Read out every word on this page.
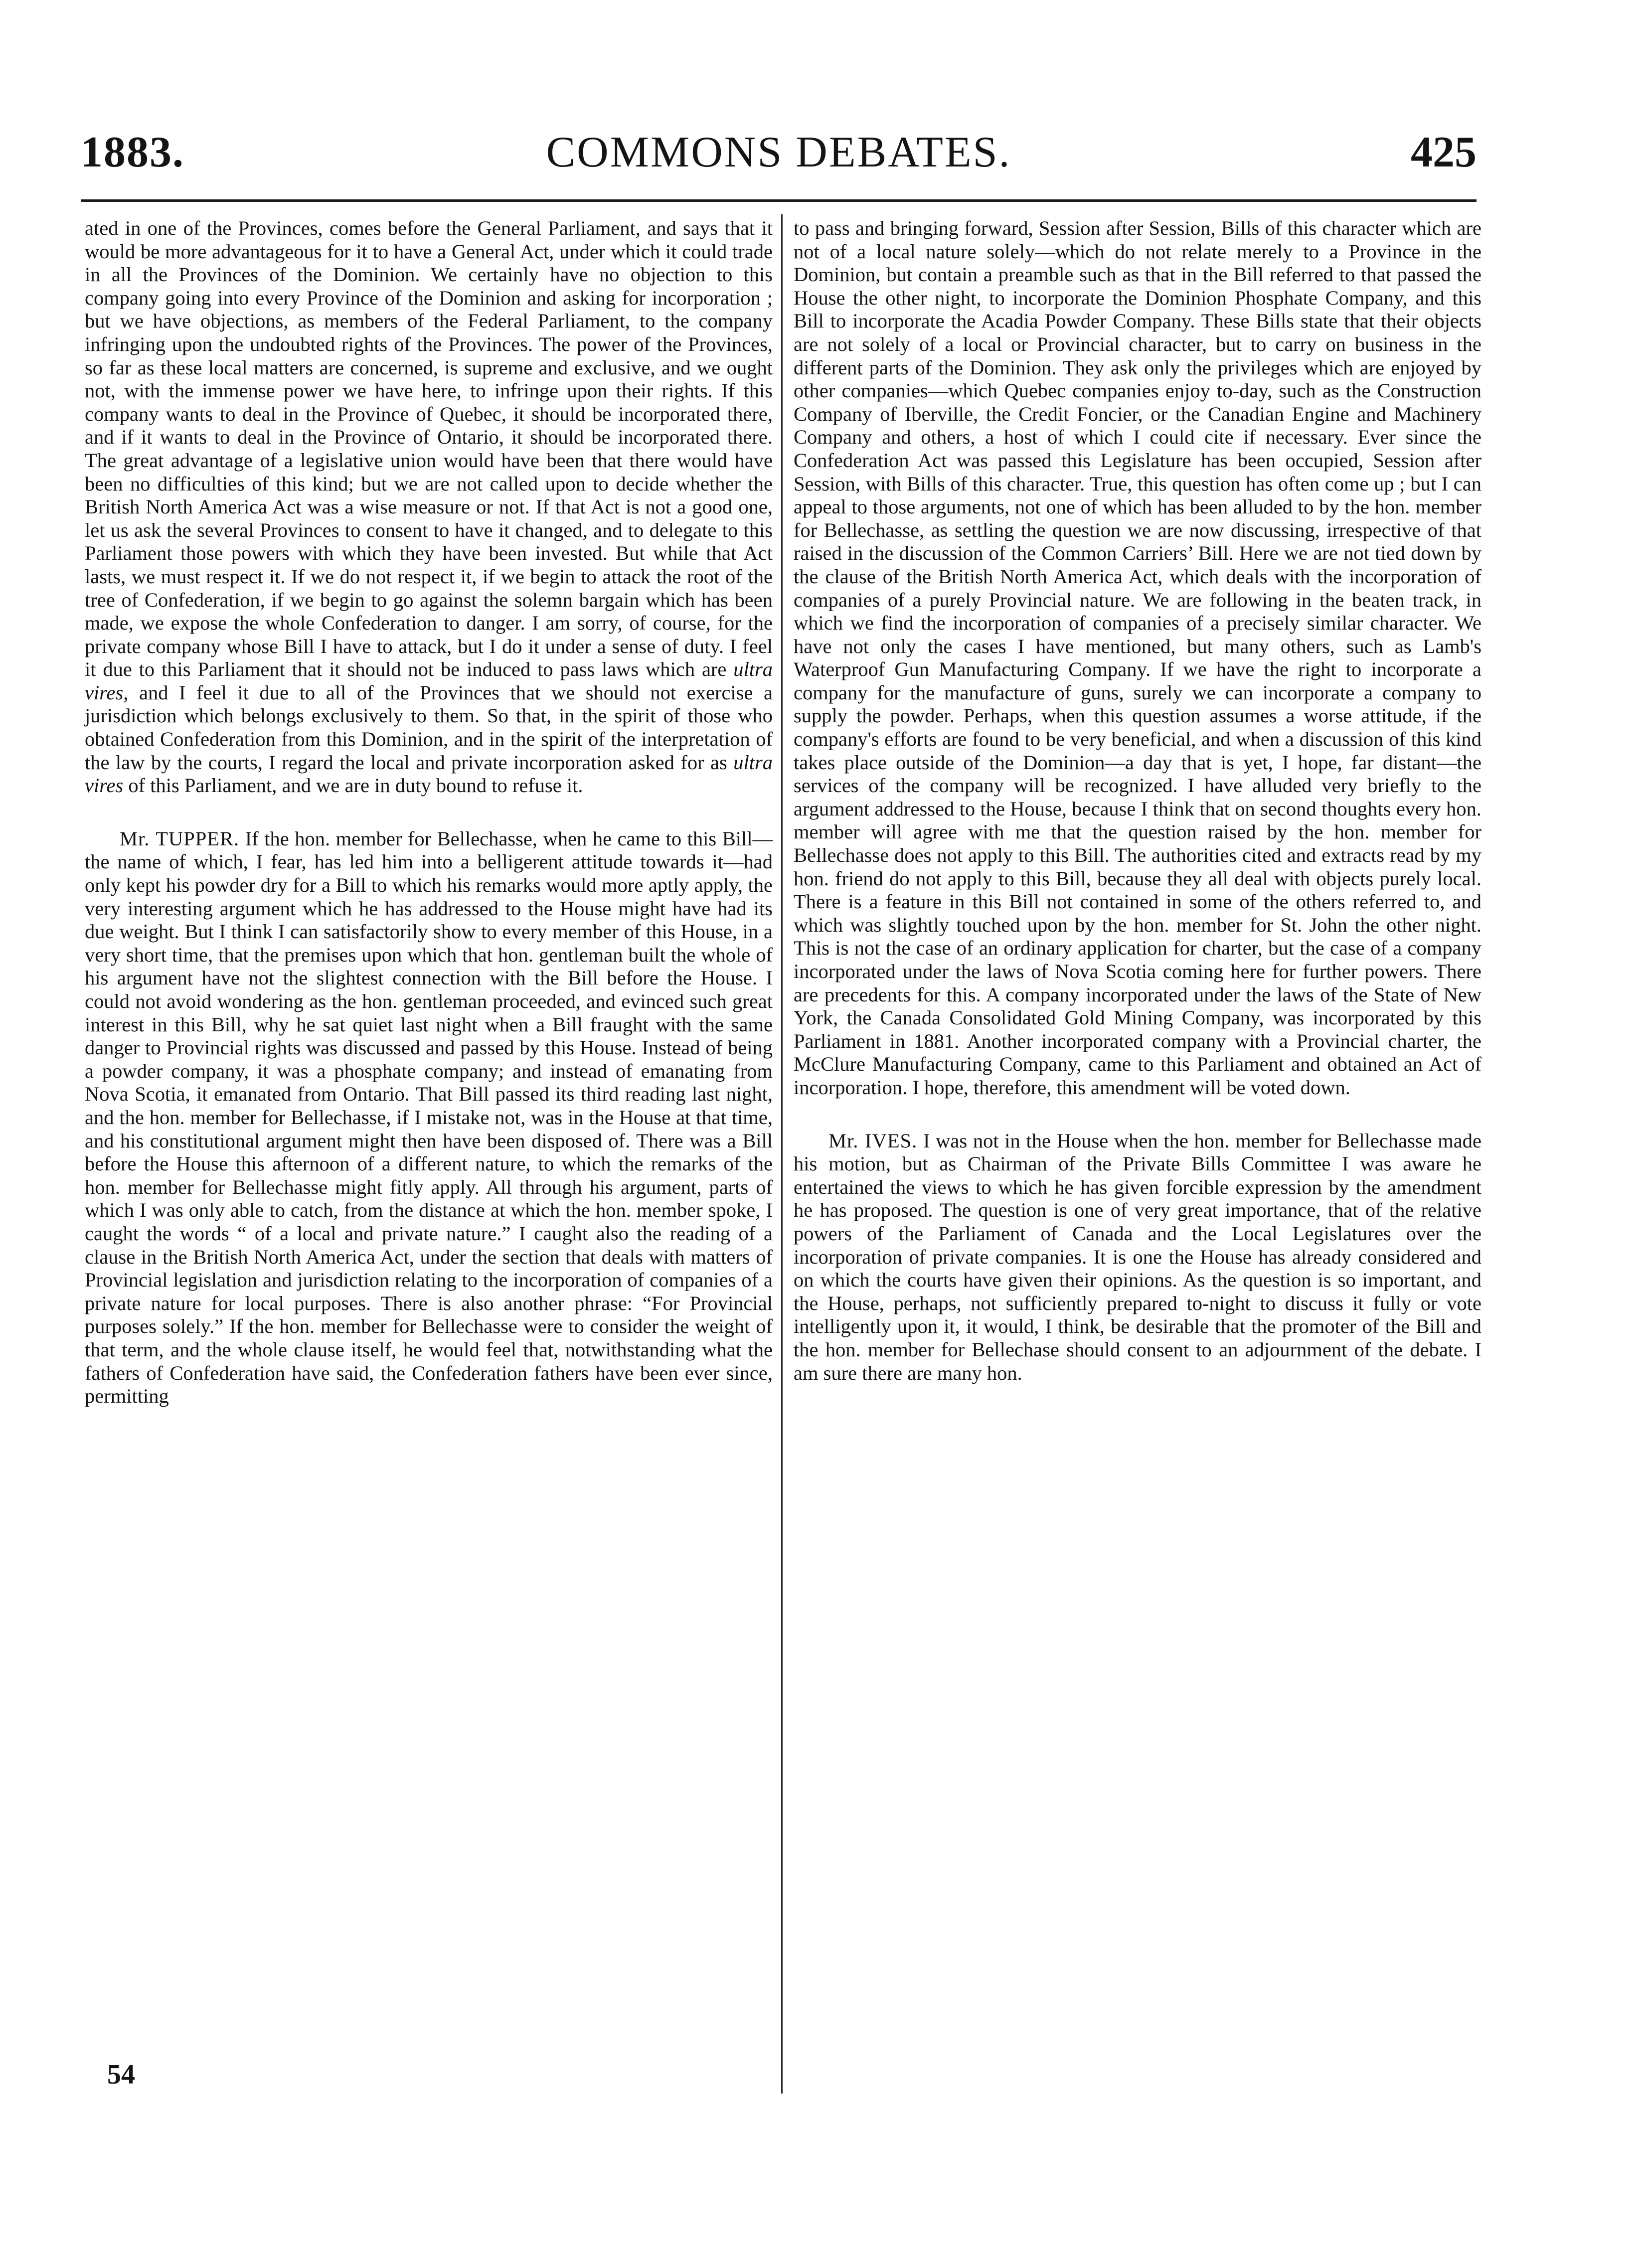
1883.	COMMONS DEBATES.	425

ated in one of the Provinces, comes before the General Parliament, and says that it would be more advantageous for it to have a General Act, under which it could trade in all the Provinces of the Dominion. We certainly have no objection to this company going into every Province of the Dominion and asking for incorporation ; but we have objections, as members of the Federal Parliament, to the company infringing upon the undoubted rights of the Provinces. The power of the Provinces, so far as these local matters are concerned, is supreme and exclusive, and we ought not, with the immense power we have here, to infringe upon their rights. If this company wants to deal in the Province of Quebec, it should be incorporated there, and if it wants to deal in the Province of Ontario, it should be incorporated there. The great advantage of a legislative union would have been that there would have been no difficulties of this kind; but we are not called upon to decide whether the British North America Act was a wise measure or not. If that Act is not a good one, let us ask the several Provinces to consent to have it changed, and to delegate to this Parliament those powers with which they have been invested. But while that Act lasts, we must respect it. If we do not respect it, if we begin to attack the root of the tree of Confederation, if we begin to go against the solemn bargain which has been made, we expose the whole Confederation to danger. I am sorry, of course, for the private company whose Bill I have to attack, but I do it under a sense of duty. I feel it due to this Parliament that it should not be induced to pass laws which are ultra vires, and I feel it due to all of the Provinces that we should not exercise a jurisdiction which belongs exclusively to them. So that, in the spirit of those who obtained Confederation from this Dominion, and in the spirit of the interpretation of the law by the courts, I regard the local and private incorporation asked for as ultra vires of this Parliament, and we are in duty bound to refuse it.

Mr. TUPPER. If the hon. member for Bellechasse, when he came to this Bill—the name of which, I fear, has led him into a belligerent attitude towards it—had only kept his powder dry for a Bill to which his remarks would more aptly apply, the very interesting argument which he has addressed to the House might have had its due weight. But I think I can satisfactorily show to every member of this House, in a very short time, that the premises upon which that hon. gentleman built the whole of his argument have not the slightest connection with the Bill before the House. I could not avoid wondering as the hon. gentleman proceeded, and evinced such great interest in this Bill, why he sat quiet last night when a Bill fraught with the same danger to Provincial rights was discussed and passed by this House. Instead of being a powder company, it was a phosphate company; and instead of emanating from Nova Scotia, it emanated from Ontario. That Bill passed its third reading last night, and the hon. member for Bellechasse, if I mistake not, was in the House at that time, and his constitutional argument might then have been disposed of. There was a Bill before the House this afternoon of a different nature, to which the remarks of the hon. member for Bellechasse might fitly apply. All through his argument, parts of which I was only able to catch, from the distance at which the hon. member spoke, I caught the words “ of a local and private nature.” I caught also the reading of a clause in the British North America Act, under the section that deals with matters of Provincial legislation and jurisdiction relating to the incorporation of companies of a private nature for local purposes. There is also another phrase: “For Provincial purposes solely.” If the hon. member for Bellechasse were to consider the weight of that term, and the whole clause itself, he would feel that, notwithstanding what the fathers of Confederation have said, the Confederation fathers have been ever since, permitting

to pass and bringing forward, Session after Session, Bills of this character which are not of a local nature solely—which do not relate merely to a Province in the Dominion, but contain a preamble such as that in the Bill referred to that passed the House the other night, to incorporate the Dominion Phosphate Company, and this Bill to incorporate the Acadia Powder Company. These Bills state that their objects are not solely of a local or Provincial character, but to carry on business in the different parts of the Dominion. They ask only the privileges which are enjoyed by other companies—which Quebec companies enjoy to-day, such as the Construction Company of Iberville, the Credit Foncier, or the Canadian Engine and Machinery Company and others, a host of which I could cite if necessary. Ever since the Confederation Act was passed this Legislature has been occupied, Session after Session, with Bills of this character. True, this question has often come up ; but I can appeal to those arguments, not one of which has been alluded to by the hon. member for Bellechasse, as settling the question we are now discussing, irrespective of that raised in the discussion of the Common Carriers’ Bill. Here we are not tied down by the clause of the British North America Act, which deals with the incorporation of companies of a purely Provincial nature. We are following in the beaten track, in which we find the incorporation of companies of a precisely similar character. We have not only the cases I have mentioned, but many others, such as Lamb's Waterproof Gun Manufacturing Company. If we have the right to incorporate a company for the manufacture of guns, surely we can incorporate a company to supply the powder. Perhaps, when this question assumes a worse attitude, if the company's efforts are found to be very beneficial, and when a discussion of this kind takes place outside of the Dominion—a day that is yet, I hope, far distant—the services of the company will be recognized. I have alluded very briefly to the argument addressed to the House, because I think that on second thoughts every hon. member will agree with me that the question raised by the hon. member for Bellechasse does not apply to this Bill. The authorities cited and extracts read by my hon. friend do not apply to this Bill, because they all deal with objects purely local. There is a feature in this Bill not contained in some of the others referred to, and which was slightly touched upon by the hon. member for St. John the other night. This is not the case of an ordinary application for charter, but the case of a company incorporated under the laws of Nova Scotia coming here for further powers. There are precedents for this. A company incorporated under the laws of the State of New York, the Canada Consolidated Gold Mining Company, was incorporated by this Parliament in 1881. Another incorporated company with a Provincial charter, the McClure Manufacturing Company, came to this Parliament and obtained an Act of incorporation. I hope, therefore, this amendment will be voted down.

Mr. IVES. I was not in the House when the hon. member for Bellechasse made his motion, but as Chairman of the Private Bills Committee I was aware he entertained the views to which he has given forcible expression by the amendment he has proposed. The question is one of very great importance, that of the relative powers of the Parliament of Canada and the Local Legislatures over the incorporation of private companies. It is one the House has already considered and on which the courts have given their opinions. As the question is so important, and the House, perhaps, not sufficiently prepared to-night to discuss it fully or vote intelligently upon it, it would, I think, be desirable that the promoter of the Bill and the hon. member for Bellechase should consent to an adjournment of the debate. I am sure there are many hon.

54
